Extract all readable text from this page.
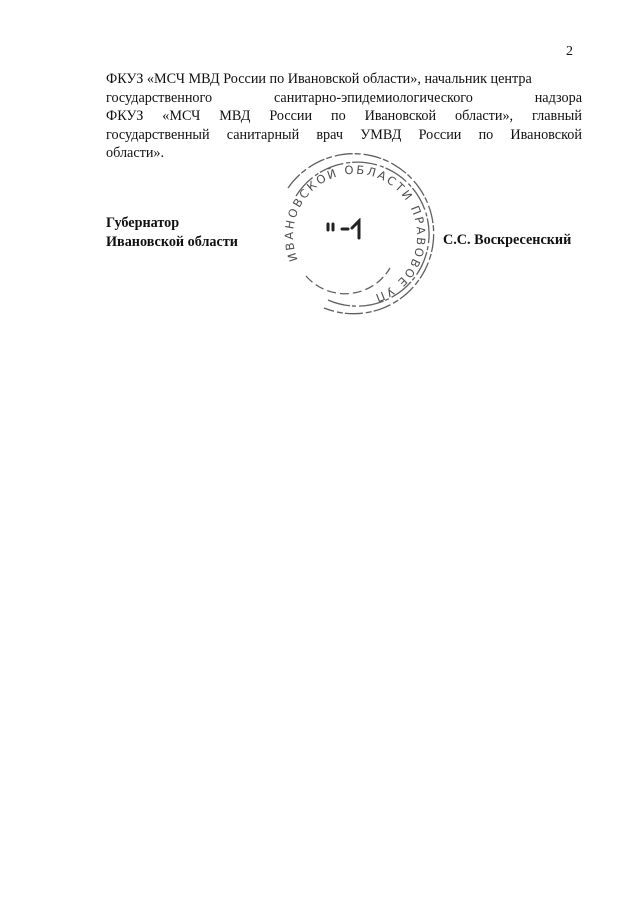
2
ФКУЗ «МСЧ МВД России по Ивановской области», начальник центра
государственного	санитарно-эпидемиологического	надзора
ФКУЗ «МСЧ МВД России по Ивановской области», главный
государственный санитарный врач УМВД России по Ивановской
области».
ИВАНОВСКОЙ ОБЛАСТИ ПРАВОВОЕ УП
Губернатор
Ивановской области	С.С. Воскресенский
